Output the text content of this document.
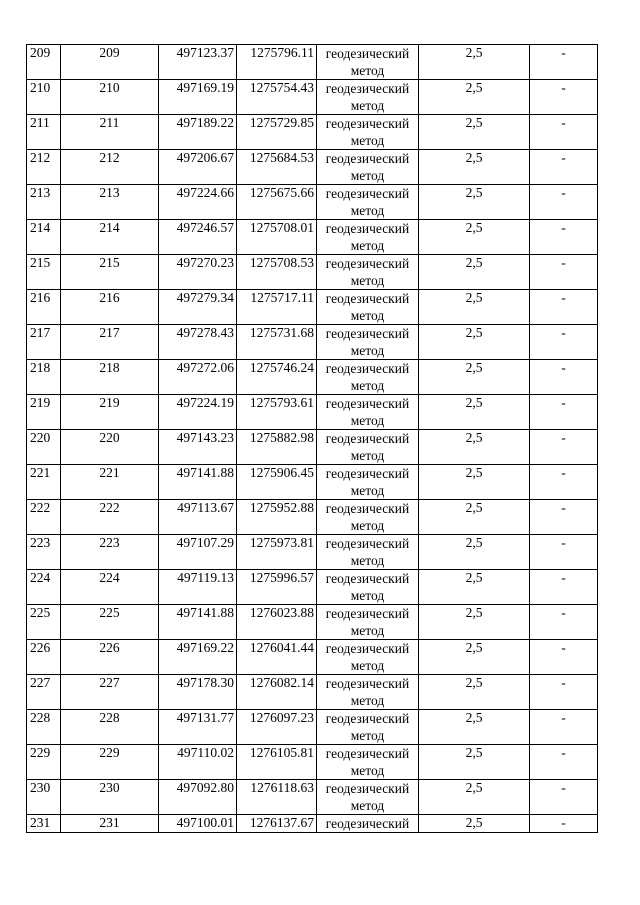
209	209	497123.37	1275796.11	геодезический
метод	2,5	-
210	210	497169.19	1275754.43	геодезический
метод	2,5	-
211	211	497189.22	1275729.85	геодезический
метод	2,5	-
212	212	497206.67	1275684.53	геодезический
метод	2,5	-
213	213	497224.66	1275675.66	геодезический
метод	2,5	-
214	214	497246.57	1275708.01	геодезический
метод	2,5	-
215	215	497270.23	1275708.53	геодезический
метод	2,5	-
216	216	497279.34	1275717.11	геодезический
метод	2,5	-
217	217	497278.43	1275731.68	геодезический
метод	2,5	-
218	218	497272.06	1275746.24	геодезический
метод	2,5	-
219	219	497224.19	1275793.61	геодезический
метод	2,5	-
220	220	497143.23	1275882.98	геодезический
метод	2,5	-
221	221	497141.88	1275906.45	геодезический
метод	2,5	-
222	222	497113.67	1275952.88	геодезический
метод	2,5	-
223	223	497107.29	1275973.81	геодезический
метод	2,5	-
224	224	497119.13	1275996.57	геодезический
метод	2,5	-
225	225	497141.88	1276023.88	геодезический
метод	2,5	-
226	226	497169.22	1276041.44	геодезический
метод	2,5	-
227	227	497178.30	1276082.14	геодезический
метод	2,5	-
228	228	497131.77	1276097.23	геодезический
метод	2,5	-
229	229	497110.02	1276105.81	геодезический
метод	2,5	-
230	230	497092.80	1276118.63	геодезический
метод	2,5	-
231	231	497100.01	1276137.67	геодезический	2,5	-
